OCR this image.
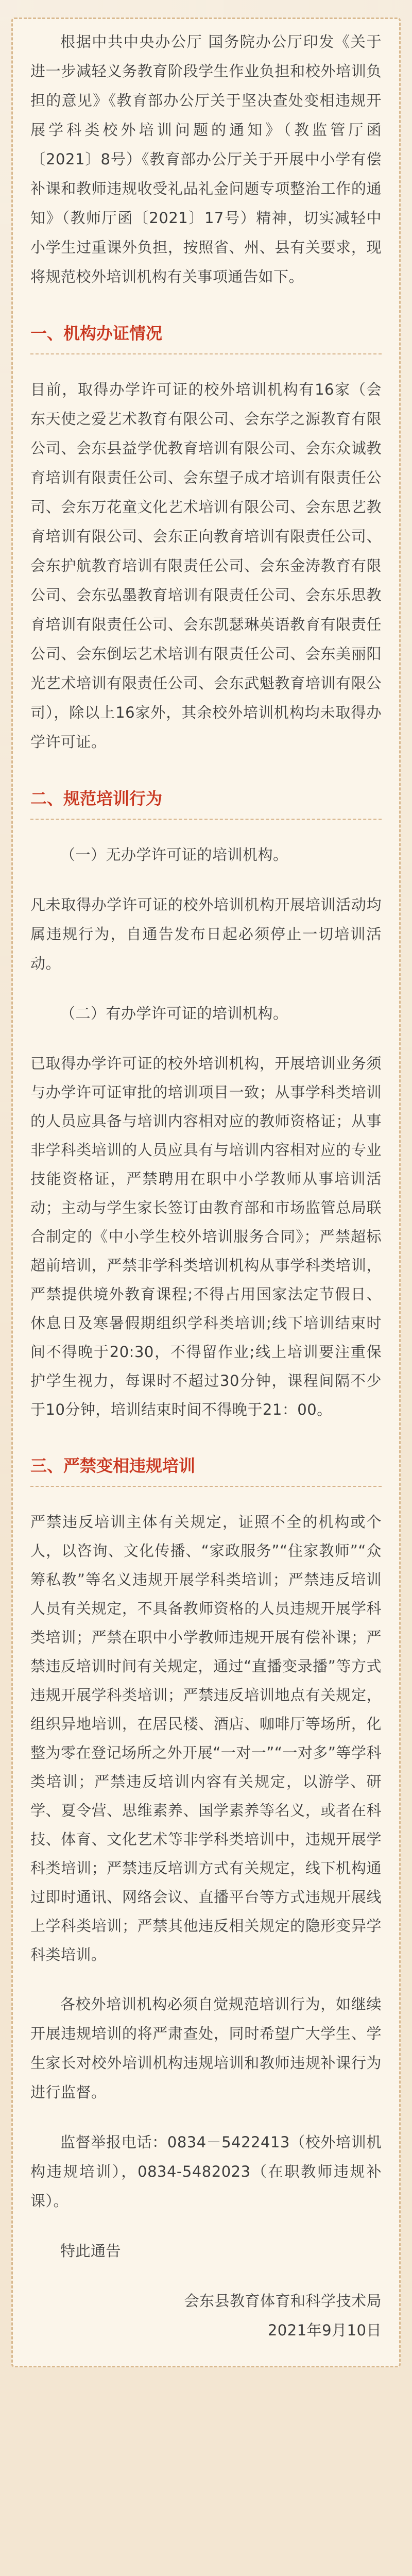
根据中共中央办公厅 国务院办公厅印发《关于进一步减轻义务教育阶段学生作业负担和校外培训负担的意见》《教育部办公厅关于坚决查处变相违规开展学科类校外培训问题的通知》（教监管厅函〔2021〕8号）《教育部办公厅关于开展中小学有偿补课和教师违规收受礼品礼金问题专项整治工作的通知》（教师厅函〔2021〕17号）精神，切实减轻中小学生过重课外负担，按照省、州、县有关要求，现将规范校外培训机构有关事项通告如下。

一、机构办证情况

目前，取得办学许可证的校外培训机构有16家（会东天使之爱艺术教育有限公司、会东学之源教育有限公司、会东县益学优教育培训有限公司、会东众诚教育培训有限责任公司、会东望子成才培训有限责任公司、会东万花童文化艺术培训有限公司、会东思艺教育培训有限公司、会东正向教育培训有限责任公司、会东护航教育培训有限责任公司、会东金涛教育有限公司、会东弘墨教育培训有限责任公司、会东乐思教育培训有限责任公司、会东凯瑟琳英语教育有限责任公司、会东倒坛艺术培训有限责任公司、会东美丽阳光艺术培训有限责任公司、会东武魁教育培训有限公司），除以上16家外，其余校外培训机构均未取得办学许可证。

二、规范培训行为

（一）无办学许可证的培训机构。

凡未取得办学许可证的校外培训机构开展培训活动均属违规行为，自通告发布日起必须停止一切培训活动。

（二）有办学许可证的培训机构。

已取得办学许可证的校外培训机构，开展培训业务须与办学许可证审批的培训项目一致；从事学科类培训的人员应具备与培训内容相对应的教师资格证；从事非学科类培训的人员应具有与培训内容相对应的专业技能资格证，严禁聘用在职中小学教师从事培训活动；主动与学生家长签订由教育部和市场监管总局联合制定的《中小学生校外培训服务合同》；严禁超标超前培训，严禁非学科类培训机构从事学科类培训，严禁提供境外教育课程;不得占用国家法定节假日、休息日及寒暑假期组织学科类培训;线下培训结束时间不得晚于20:30，不得留作业;线上培训要注重保护学生视力，每课时不超过30分钟，课程间隔不少于10分钟，培训结束时间不得晚于21：00。

三、严禁变相违规培训

严禁违反培训主体有关规定，证照不全的机构或个人，以咨询、文化传播、“家政服务”“住家教师”“众筹私教”等名义违规开展学科类培训；严禁违反培训人员有关规定，不具备教师资格的人员违规开展学科类培训；严禁在职中小学教师违规开展有偿补课；严禁违反培训时间有关规定，通过“直播变录播”等方式违规开展学科类培训；严禁违反培训地点有关规定，组织异地培训，在居民楼、酒店、咖啡厅等场所，化整为零在登记场所之外开展“一对一”“一对多”等学科类培训；严禁违反培训内容有关规定，以游学、研学、夏令营、思维素养、国学素养等名义，或者在科技、体育、文化艺术等非学科类培训中，违规开展学科类培训；严禁违反培训方式有关规定，线下机构通过即时通讯、网络会议、直播平台等方式违规开展线上学科类培训；严禁其他违反相关规定的隐形变异学科类培训。

各校外培训机构必须自觉规范培训行为，如继续开展违规培训的将严肃查处，同时希望广大学生、学生家长对校外培训机构违规培训和教师违规补课行为进行监督。

监督举报电话：0834－5422413（校外培训机构违规培训），0834-5482023（在职教师违规补课）。

特此通告

会东县教育体育和科学技术局

2021年9月10日
